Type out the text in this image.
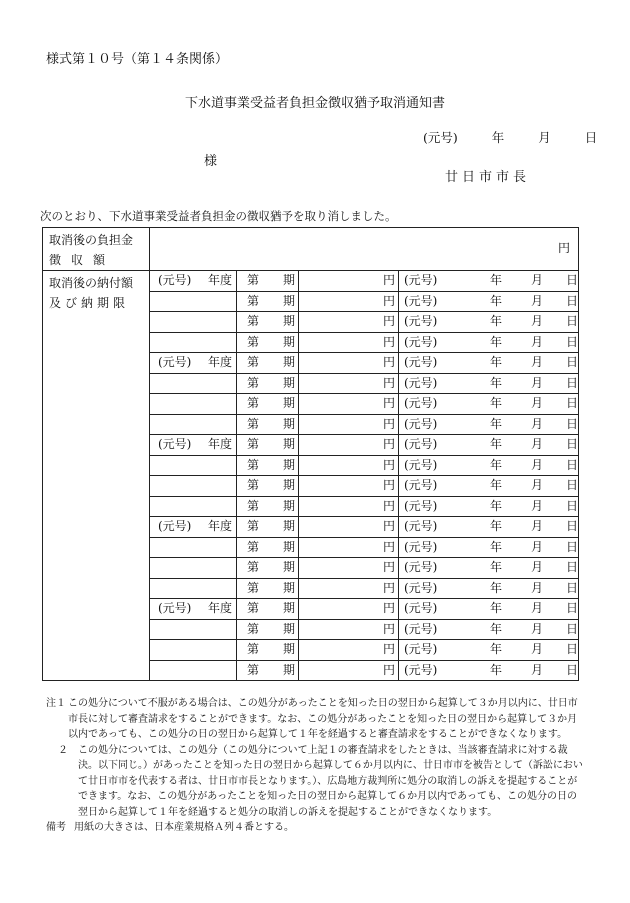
様式第１０号（第１４条関係）
下水道事業受益者負担金徴収猶予取消通知書
(元号)	年	月	日
様
廿日市市長
次のとおり、下水道事業受益者負担金の徴収猶予を取り消しました。
取消後の負担金
徴収額	円			

取消後の納付額
及び納期限	(元号) 年度	第 期	円	(元号) 年 月 日
		第 期	円	(元号) 年 月 日
		第 期	円	(元号) 年 月 日
		第 期	円	(元号) 年 月 日
	(元号) 年度	第 期	円	(元号) 年 月 日
		第 期	円	(元号) 年 月 日
		第 期	円	(元号) 年 月 日
		第 期	円	(元号) 年 月 日
	(元号) 年度	第 期	円	(元号) 年 月 日
		第 期	円	(元号) 年 月 日
		第 期	円	(元号) 年 月 日
		第 期	円	(元号) 年 月 日
	(元号) 年度	第 期	円	(元号) 年 月 日
		第 期	円	(元号) 年 月 日
		第 期	円	(元号) 年 月 日
		第 期	円	(元号) 年 月 日
	(元号) 年度	第 期	円	(元号) 年 月 日
		第 期	円	(元号) 年 月 日
		第 期	円	(元号) 年 月 日
		第 期	円	(元号) 年 月 日
注１ この処分について不服がある場合は、この処分があったことを知った日の翌日から起算して３か月以内に、廿日市市長に対して審査請求をすることができます。なお、この処分があったことを知った日の翌日から起算して３か月以内であっても、この処分の日の翌日から起算して１年を経過すると審査請求をすることができなくなります。
２	この処分については、この処分（この処分について上記１の審査請求をしたときは、当該審査請求に対する裁決。以下同じ。）があったことを知った日の翌日から起算して６か月以内に、廿日市市を被告として（訴訟において廿日市市を代表する者は、廿日市市長となります。）、広島地方裁判所に処分の取消しの訴えを提起することができます。なお、この処分があったことを知った日の翌日から起算して６か月以内であっても、この処分の日の翌日から起算して１年を経過すると処分の取消しの訴えを提起することができなくなります。
備考 用紙の大きさは、日本産業規格Ａ列４番とする。
